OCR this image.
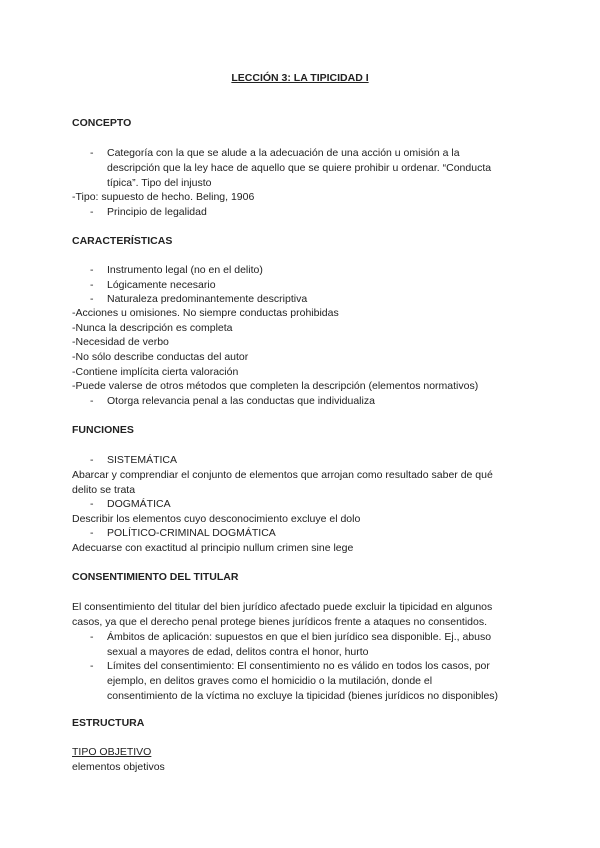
LECCIÓN 3: LA TIPICIDAD I
CONCEPTO
- Categoría con la que se alude a la adecuación de una acción u omisión a la
descripción que la ley hace de aquello que se quiere prohibir u ordenar. “Conducta
típica”. Tipo del injusto
-Tipo: supuesto de hecho. Beling, 1906
- Principio de legalidad
CARACTERÍSTICAS
- Instrumento legal (no en el delito)
- Lógicamente necesario
- Naturaleza predominantemente descriptiva
-Acciones u omisiones. No siempre conductas prohibidas
-Nunca la descripción es completa
-Necesidad de verbo
-No sólo describe conductas del autor
-Contiene implícita cierta valoración
-Puede valerse de otros métodos que completen la descripción (elementos normativos)
- Otorga relevancia penal a las conductas que individualiza
FUNCIONES
- SISTEMÁTICA
Abarcar y comprendiar el conjunto de elementos que arrojan como resultado saber de qué
delito se trata
- DOGMÁTICA
Describir los elementos cuyo desconocimiento excluye el dolo
- POLÍTICO-CRIMINAL DOGMÁTICA
Adecuarse con exactitud al principio nullum crimen sine lege
CONSENTIMIENTO DEL TITULAR
El consentimiento del titular del bien jurídico afectado puede excluir la tipicidad en algunos
casos, ya que el derecho penal protege bienes jurídicos frente a ataques no consentidos.
- Ámbitos de aplicación: supuestos en que el bien jurídico sea disponible. Ej., abuso
sexual a mayores de edad, delitos contra el honor, hurto
- Límites del consentimiento: El consentimiento no es válido en todos los casos, por
ejemplo, en delitos graves como el homicidio o la mutilación, donde el
consentimiento de la víctima no excluye la tipicidad (bienes jurídicos no disponibles)
ESTRUCTURA
TIPO OBJETIVO
elementos objetivos
